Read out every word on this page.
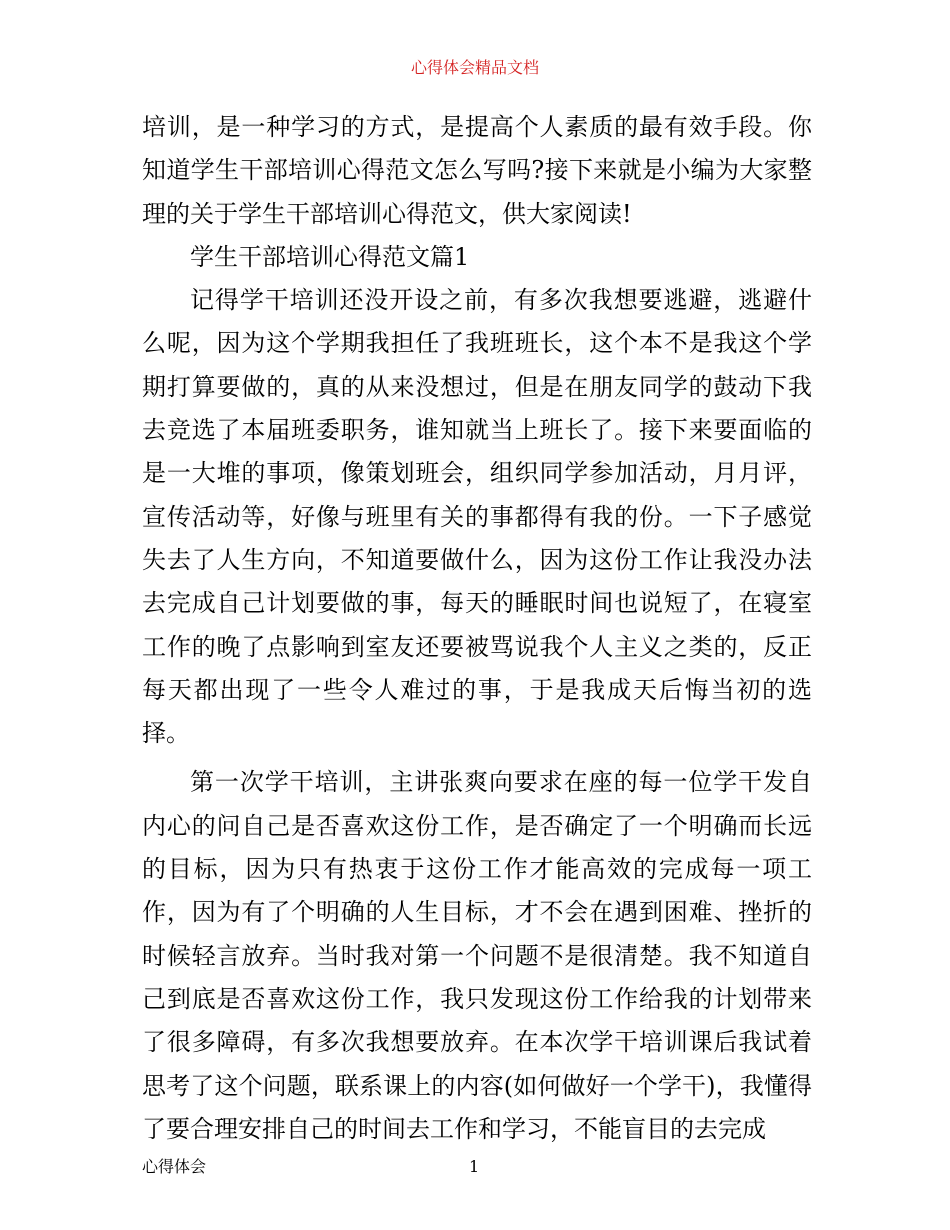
心得体会精品文档

培训，是一种学习的方式，是提高个人素质的最有效手段。你知道学生干部培训心得范文怎么写吗?接下来就是小编为大家整理的关于学生干部培训心得范文，供大家阅读!

学生干部培训心得范文篇1

记得学干培训还没开设之前，有多次我想要逃避，逃避什么呢，因为这个学期我担任了我班班长，这个本不是我这个学期打算要做的，真的从来没想过，但是在朋友同学的鼓动下我去竞选了本届班委职务，谁知就当上班长了。接下来要面临的是一大堆的事项，像策划班会，组织同学参加活动，月月评，宣传活动等，好像与班里有关的事都得有我的份。一下子感觉失去了人生方向，不知道要做什么，因为这份工作让我没办法去完成自己计划要做的事，每天的睡眠时间也说短了，在寝室工作的晚了点影响到室友还要被骂说我个人主义之类的，反正每天都出现了一些令人难过的事，于是我成天后悔当初的选择。

第一次学干培训，主讲张爽向要求在座的每一位学干发自内心的问自己是否喜欢这份工作，是否确定了一个明确而长远的目标，因为只有热衷于这份工作才能高效的完成每一项工作，因为有了个明确的人生目标，才不会在遇到困难、挫折的时候轻言放弃。当时我对第一个问题不是很清楚。我不知道自己到底是否喜欢这份工作，我只发现这份工作给我的计划带来了很多障碍，有多次我想要放弃。在本次学干培训课后我试着思考了这个问题，联系课上的内容(如何做好一个学干)，我懂得了要合理安排自己的时间去工作和学习，不能盲目的去完成

心得体会	1
